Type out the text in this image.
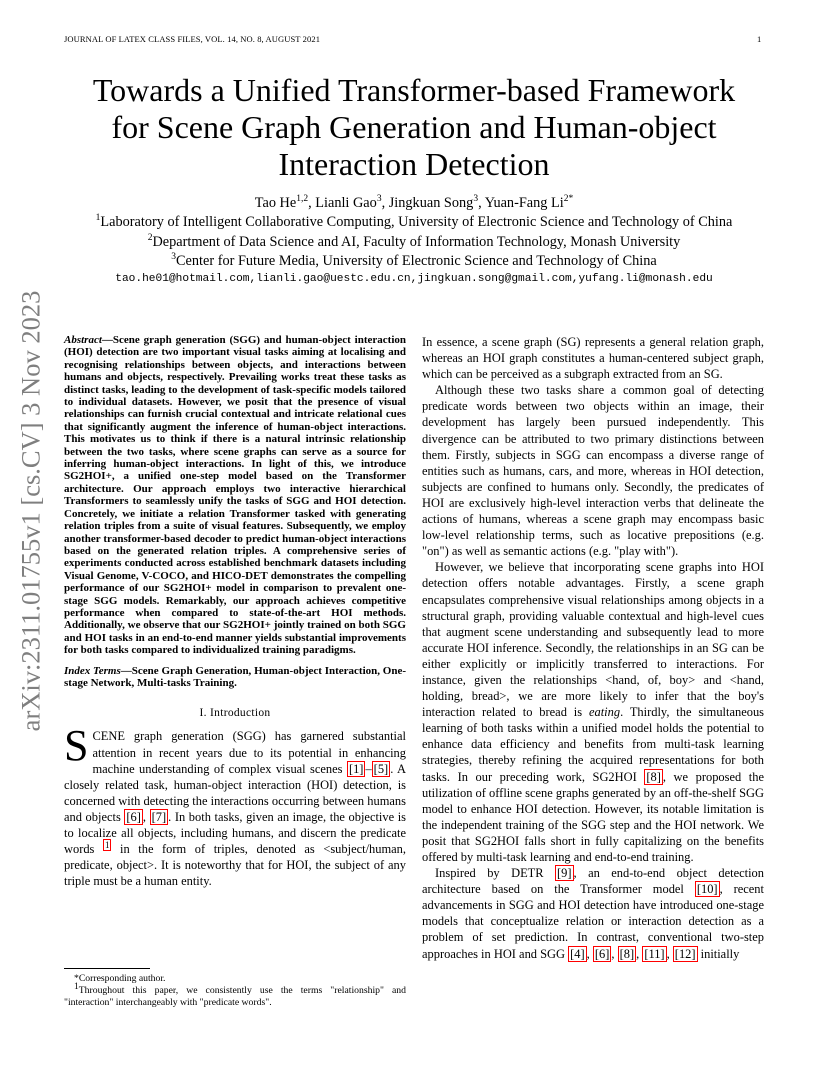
JOURNAL OF LATEX CLASS FILES, VOL. 14, NO. 8, AUGUST 2021	1
arXiv:2311.01755v1 [cs.CV] 3 Nov 2023
Towards a Unified Transformer-based Framework
for Scene Graph Generation and Human-object
Interaction Detection
Tao He$^{1,2}$, Lianli Gao$^3$, Jingkuan Song$^3$, Yuan-Fang $Li^{2*}$
$^1$Laboratory of Intelligent Collaborative Computing, University of Electronic Science and Technology of China
$^2$Department of Data Science and AI, Faculty of Information Technology, Monash University
$^3$Center for Future Media, University of Electronic Science and Technology of China
tao.he01@hotmail.com,lianli.gao@uestc.edu.cn,jingkuan.song@gmail.com,yufang.li@monash.edu

Abstract—Scene graph generation (SGG) and human-object interaction (HOI) detection are two important visual tasks aiming at localising and recognising relationships between objects, and interactions between humans and objects, respectively. Prevailing works treat these tasks as distinct tasks, leading to the development of task-specific models tailored to individual datasets. However, we posit that the presence of visual relationships can furnish crucial contextual and intricate relational cues that significantly augment the inference of human-object interactions. This motivates us to think if there is a natural intrinsic relationship between the two tasks, where scene graphs can serve as a source for inferring human-object interactions. In light of this, we introduce SG2HOI+, a unified one-step model based on the Transformer architecture. Our approach employs two interactive hierarchical Transformers to seamlessly unify the tasks of SGG and HOI detection. Concretely, we initiate a relation Transformer tasked with generating relation triples from a suite of visual features. Subsequently, we employ another transformer-based decoder to predict human-object interactions based on the generated relation triples. A comprehensive series of experiments conducted across established benchmark datasets including Visual Genome, V-COCO, and HICO-DET demonstrates the compelling performance of our SG2HOI+ model in comparison to prevalent one-stage SGG models. Remarkably, our approach achieves competitive performance when compared to state-of-the-art HOI methods. Additionally, we observe that our SG2HOI+ jointly trained on both SGG and HOI tasks in an end-to-end manner yields substantial improvements for both tasks compared to individualized training paradigms.

Index Terms—Scene Graph Generation, Human-object Interaction, One-stage Network, Multi-tasks Training.

I. Introduction

SCENE graph generation (SGG) has garnered substantial attention in recent years due to its potential in enhancing machine understanding of complex visual scenes [1] – [5] . A closely related task, human-object interaction (HOI) detection, is concerned with detecting the interactions occurring between humans and objects [6] , [7] . In both tasks, given an image, the objective is to localize all objects, including humans, and discern the predicate words $^1$ in the form of triples, denoted as <subject/human, predicate, object>. It is noteworthy that for HOI, the subject of any triple must be a human entity.

*Corresponding author.

$^1$Throughout this paper, we consistently use the terms "relationship" and "interaction" interchangeably with "predicate words".

In essence, a scene graph (SG) represents a general relation graph, whereas an HOI graph constitutes a human-centered subject graph, which can be perceived as a subgraph extracted from an SG.

Although these two tasks share a common goal of detecting predicate words between two objects within an image, their development has largely been pursued independently. This divergence can be attributed to two primary distinctions between them. Firstly, subjects in SGG can encompass a diverse range of entities such as humans, cars, and more, whereas in HOI detection, subjects are confined to humans only. Secondly, the predicates of HOI are exclusively high-level interaction verbs that delineate the actions of humans, whereas a scene graph may encompass basic low-level relationship terms, such as locative prepositions (e.g. "on") as well as semantic actions (e.g. "play with").

However, we believe that incorporating scene graphs into HOI detection offers notable advantages. Firstly, a scene graph encapsulates comprehensive visual relationships among objects in a structural graph, providing valuable contextual and high-level cues that augment scene understanding and subsequently lead to more accurate HOI inference. Secondly, the relationships in an SG can be either explicitly or implicitly transferred to interactions. For instance, given the relationships <hand, of, boy> and <hand, holding, bread>, we are more likely to infer that the boy's interaction related to bread is eating. Thirdly, the simultaneous learning of both tasks within a unified model holds the potential to enhance data efficiency and benefits from multi-task learning strategies, thereby refining the acquired representations for both tasks. In our preceding work, SG2HOI [8] , we proposed the utilization of offline scene graphs generated by an off-the-shelf SGG model to enhance HOI detection. However, its notable limitation is the independent training of the SGG step and the HOI network. We posit that SG2HOI falls short in fully capitalizing on the benefits offered by multi-task learning and end-to-end training.

Inspired by DETR [9] , an end-to-end object detection architecture based on the Transformer model [10] , recent advancements in SGG and HOI detection have introduced one-stage models that conceptualize relation or interaction detection as a problem of set prediction. In contrast, conventional two-step approaches in HOI and SGG [4] , [6] , [8] , [11] , [12] initially
